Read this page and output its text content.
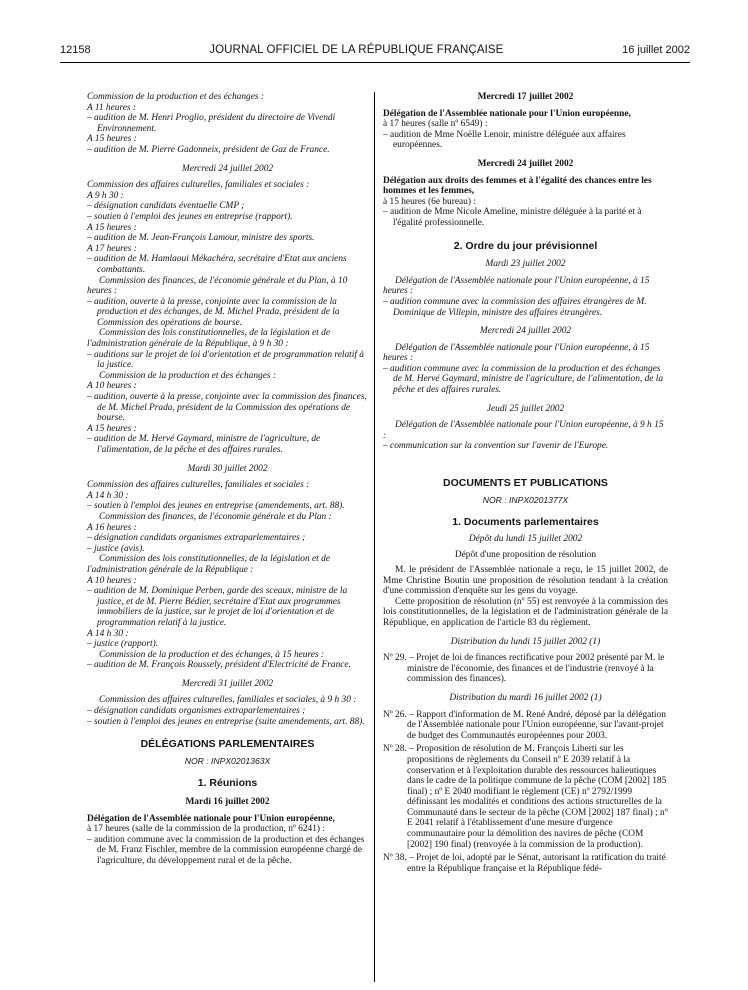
12158	JOURNAL OFFICIEL DE LA RÉPUBLIQUE FRANÇAISE	16 juillet 2002

Commission de la production et des échanges :

A 11 heures :

– audition de M. Henri Proglio, président du directoire de Vivendi Environnement.

A 15 heures :

– audition de M. Pierre Gadonneix, président de Gaz de France.

Mercredi 24 juillet 2002

Commission des affaires culturelles, familiales et sociales :

A 9 h 30 :

– désignation candidats éventuelle CMP ;

– soutien à l'emploi des jeunes en entreprise (rapport).

A 15 heures :

– audition de M. Jean-François Lamour, ministre des sports.

A 17 heures :

– audition de M. Hamlaoui Mékachéra, secrétaire d'Etat aux anciens combattants.

Commission des finances, de l'économie générale et du Plan, à 10 heures :

– audition, ouverte à la presse, conjointe avec la commission de la production et des échanges, de M. Michel Prada, président de la Commission des opérations de bourse.

Commission des lois constitutionnelles, de la législation et de l'administration générale de la République, à 9 h 30 :

– auditions sur le projet de loi d'orientation et de programmation relatif à la justice.

Commission de la production et des échanges :

A 10 heures :

– audition, ouverte à la presse, conjointe avec la commission des finances, de M. Michel Prada, président de la Commission des opérations de bourse.

A 15 heures :

– audition de M. Hervé Gaymard, ministre de l'agriculture, de l'alimentation, de la pêche et des affaires rurales.

Mardi 30 juillet 2002

Commission des affaires culturelles, familiales et sociales :

A 14 h 30 :

– soutien à l'emploi des jeunes en entreprise (amendements, art. 88).

Commission des finances, de l'économie générale et du Plan :

A 16 heures :

– désignation candidats organismes extraparlementaires ;

– justice (avis).

Commission des lois constitutionnelles, de la législation et de l'administration générale de la République :

A 10 heures :

– audition de M. Dominique Perben, garde des sceaux, ministre de la justice, et de M. Pierre Bédier, secrétaire d'Etat aux programmes immobiliers de la justice, sur le projet de loi d'orientation et de programmation relatif à la justice.

A 14 h 30 :

– justice (rapport).

Commission de la production et des échanges, à 15 heures :

– audition de M. François Roussely, président d'Electricité de France.

Mercredi 31 juillet 2002

Commission des affaires culturelles, familiales et sociales, à 9 h 30 :

– désignation candidats organismes extraparlementaires ;

– soutien à l'emploi des jeunes en entreprise (suite amendements, art. 88).

DÉLÉGATIONS PARLEMENTAIRES

NOR : INPX0201363X

1. Réunions

Mardi 16 juillet 2002

Délégation de l'Assemblée nationale pour l'Union européenne,

à 17 heures (salle de la commission de la production, nº 6241) :

– audition commune avec la commission de la production et des échanges de M. Franz Fischler, membre de la commission européenne chargé de l'agriculture, du développement rural et de la pêche.

Mercredi 17 juillet 2002

Délégation de l'Assemblée nationale pour l'Union européenne,

à 17 heures (salle nº 6549) :

– audition de Mme Noëlle Lenoir, ministre déléguée aux affaires européennes.

Mercredi 24 juillet 2002

Délégation aux droits des femmes et à l'égalité des chances entre les hommes et les femmes,

à 15 heures (6e bureau) :

– audition de Mme Nicole Ameline, ministre déléguée à la parité et à l'égalité professionnelle.

2. Ordre du jour prévisionnel

Mardi 23 juillet 2002

Délégation de l'Assemblée nationale pour l'Union européenne, à 15 heures :

– audition commune avec la commission des affaires étrangères de M. Dominique de Villepin, ministre des affaires étrangères.

Mercredi 24 juillet 2002

Délégation de l'Assemblée nationale pour l'Union européenne, à 15 heures :

– audition commune avec la commission de la production et des échanges de M. Hervé Gaymard, ministre de l'agriculture, de l'alimentation, de la pêche et des affaires rurales.

Jeudi 25 juillet 2002

Délégation de l'Assemblée nationale pour l'Union européenne, à 9 h 15 :

– communication sur la convention sur l'avenir de l'Europe.

DOCUMENTS ET PUBLICATIONS

NOR : INPX0201377X

1. Documents parlementaires

Dépôt du lundi 15 juillet 2002

Dépôt d'une proposition de résolution

M. le président de l'Assemblée nationale a reçu, le 15 juillet 2002, de Mme Christine Boutin une proposition de résolution tendant à la création d'une commission d'enquête sur les gens du voyage.

Cette proposition de résolution (nº 55) est renvoyée à la commission des lois constitutionnelles, de la législation et de l'administration générale de la République, en application de l'article 83 du règlement.

Distribution du lundi 15 juillet 2002 (1)

Nº 29. – Projet de loi de finances rectificative pour 2002 présenté par M. le ministre de l'économie, des finances et de l'industrie (renvoyé à la commission des finances).

Distribution du mardi 16 juillet 2002 (1)

Nº 26. – Rapport d'information de M. René André, déposé par la délégation de l'Assemblée nationale pour l'Union européenne, sur l'avant-projet de budget des Communautés européennes pour 2003.

Nº 28. – Proposition de résolution de M. François Liberti sur les propositions de règlements du Conseil nº E 2039 relatif à la conservation et à l'exploitation durable des ressources halieutiques dans le cadre de la politique commune de la pêche (COM [2002] 185 final) ; nº E 2040 modifiant le règlement (CE) nº 2792/1999 définissant les modalités et conditions des actions structurelles de la Communauté dans le secteur de la pêche (COM [2002] 187 final) ; nº E 2041 relatif à l'établissement d'une mesure d'urgence communautaire pour la démolition des navires de pêche (COM [2002] 190 final) (renvoyée à la commission de la production).

Nº 38. – Projet de loi, adopté par le Sénat, autorisant la ratification du traité entre la République française et la République fédé-
